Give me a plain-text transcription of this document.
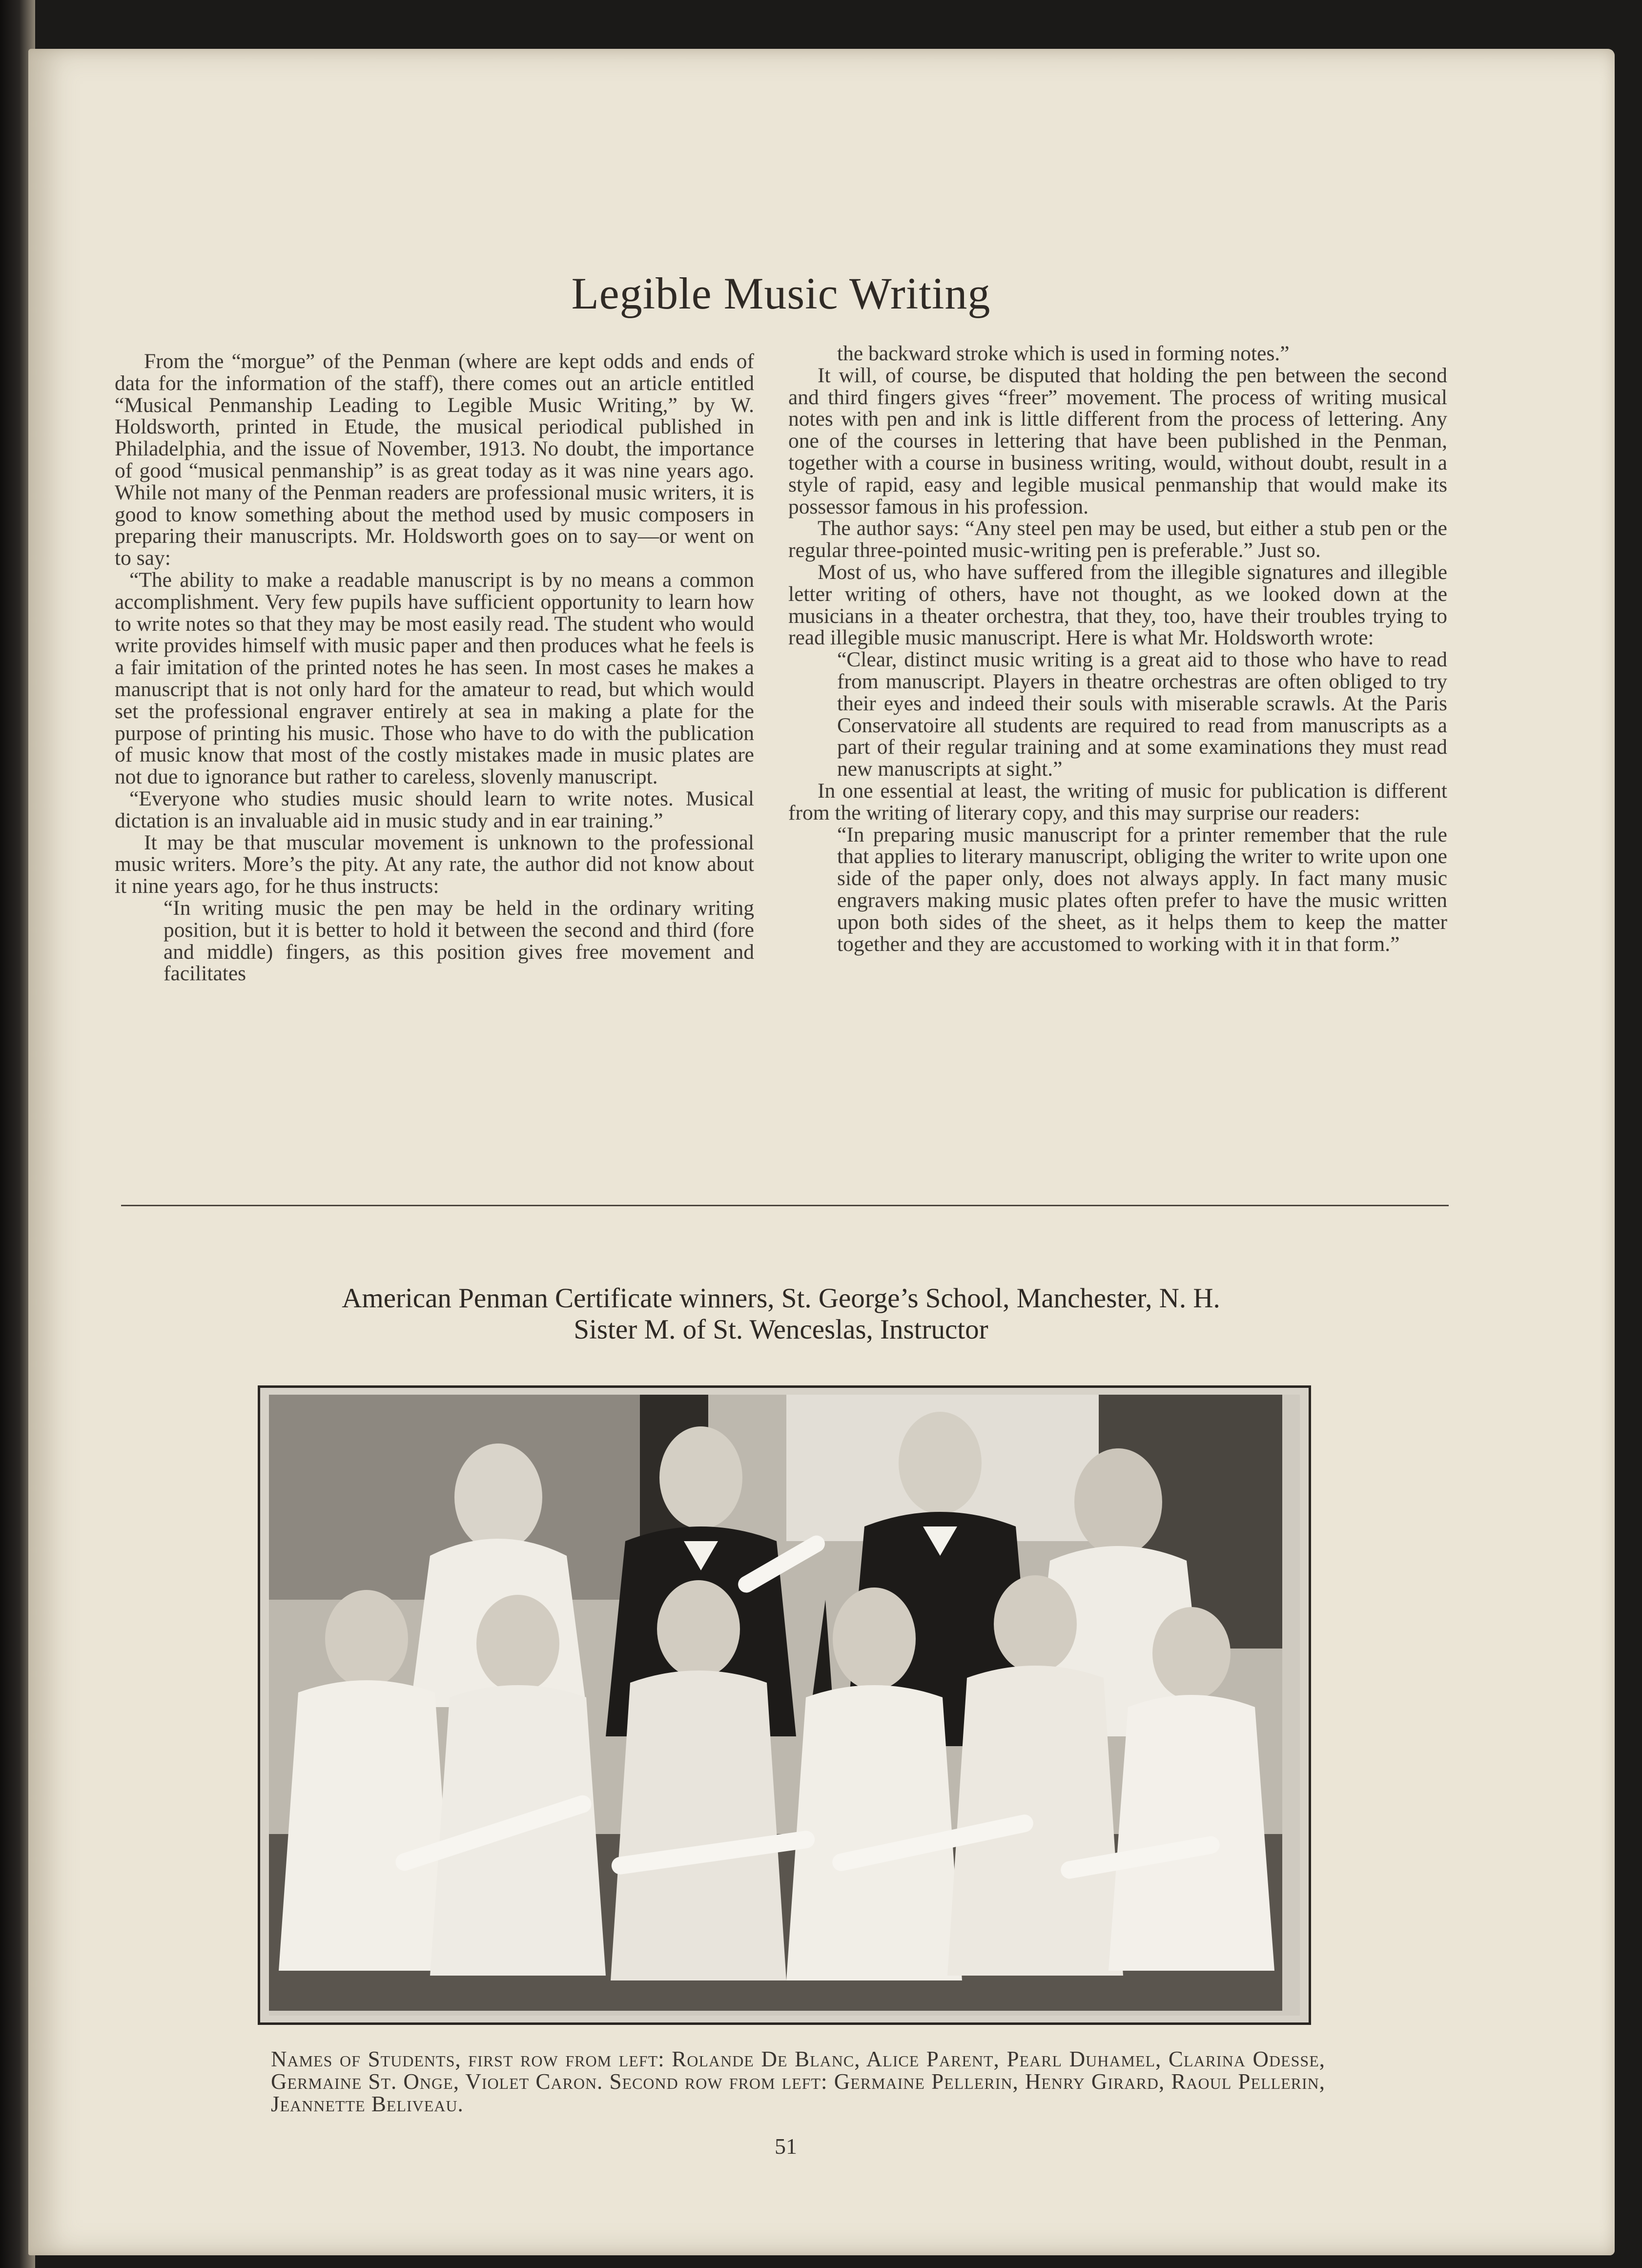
Legible Music Writing

From the “morgue” of the Penman (where are kept odds and ends of data for the information of the staff), there comes out an article entitled “Musical Penmanship Leading to Legible Music Writing,” by W. Holdsworth, printed in Etude, the musical periodical published in Philadelphia, and the issue of November, 1913. No doubt, the importance of good “musical penmanship” is as great today as it was nine years ago. While not many of the Penman readers are professional music writers, it is good to know something about the method used by music composers in preparing their manuscripts. Mr. Holdsworth goes on to say—or went on to say:

“The ability to make a readable manuscript is by no means a common accomplishment. Very few pupils have sufficient opportunity to learn how to write notes so that they may be most easily read. The student who would write provides himself with music paper and then produces what he feels is a fair imitation of the printed notes he has seen. In most cases he makes a manuscript that is not only hard for the amateur to read, but which would set the professional engraver entirely at sea in making a plate for the purpose of printing his music. Those who have to do with the publication of music know that most of the costly mistakes made in music plates are not due to ignorance but rather to careless, slovenly manuscript.

“Everyone who studies music should learn to write notes. Musical dictation is an invaluable aid in music study and in ear training.”

It may be that muscular movement is unknown to the professional music writers. More’s the pity. At any rate, the author did not know about it nine years ago, for he thus instructs:

“In writing music the pen may be held in the ordinary writing position, but it is better to hold it between the second and third (fore and middle) fingers, as this position gives free movement and facilitates

the backward stroke which is used in forming notes.”

It will, of course, be disputed that holding the pen between the second and third fingers gives “freer” movement. The process of writing musical notes with pen and ink is little different from the process of lettering. Any one of the courses in lettering that have been published in the Penman, together with a course in business writing, would, without doubt, result in a style of rapid, easy and legible musical penmanship that would make its possessor famous in his profession.

The author says: “Any steel pen may be used, but either a stub pen or the regular three-pointed music-writing pen is preferable.” Just so.

Most of us, who have suffered from the illegible signatures and illegible letter writing of others, have not thought, as we looked down at the musicians in a theater orchestra, that they, too, have their troubles trying to read illegible music manuscript. Here is what Mr. Holdsworth wrote:

“Clear, distinct music writing is a great aid to those who have to read from manuscript. Players in theatre orchestras are often obliged to try their eyes and indeed their souls with miserable scrawls. At the Paris Conservatoire all students are required to read from manuscripts as a part of their regular training and at some examinations they must read new manuscripts at sight.”

In one essential at least, the writing of music for publication is different from the writing of literary copy, and this may surprise our readers:

“In preparing music manuscript for a printer remember that the rule that applies to literary manuscript, obliging the writer to write upon one side of the paper only, does not always apply. In fact many music engravers making music plates often prefer to have the music written upon both sides of the sheet, as it helps them to keep the matter together and they are accustomed to working with it in that form.”

American Penman Certificate winners, St. George’s School, Manchester, N. H.
Sister M. of St. Wenceslas, Instructor
Names of Students, first row from left: Rolande De Blanc, Alice Parent, Pearl Duhamel, Clarina Odesse, Germaine St. Onge, Violet Caron. Second row from left: Germaine Pellerin, Henry Girard, Raoul Pellerin, Jeannette Beliveau.
51
